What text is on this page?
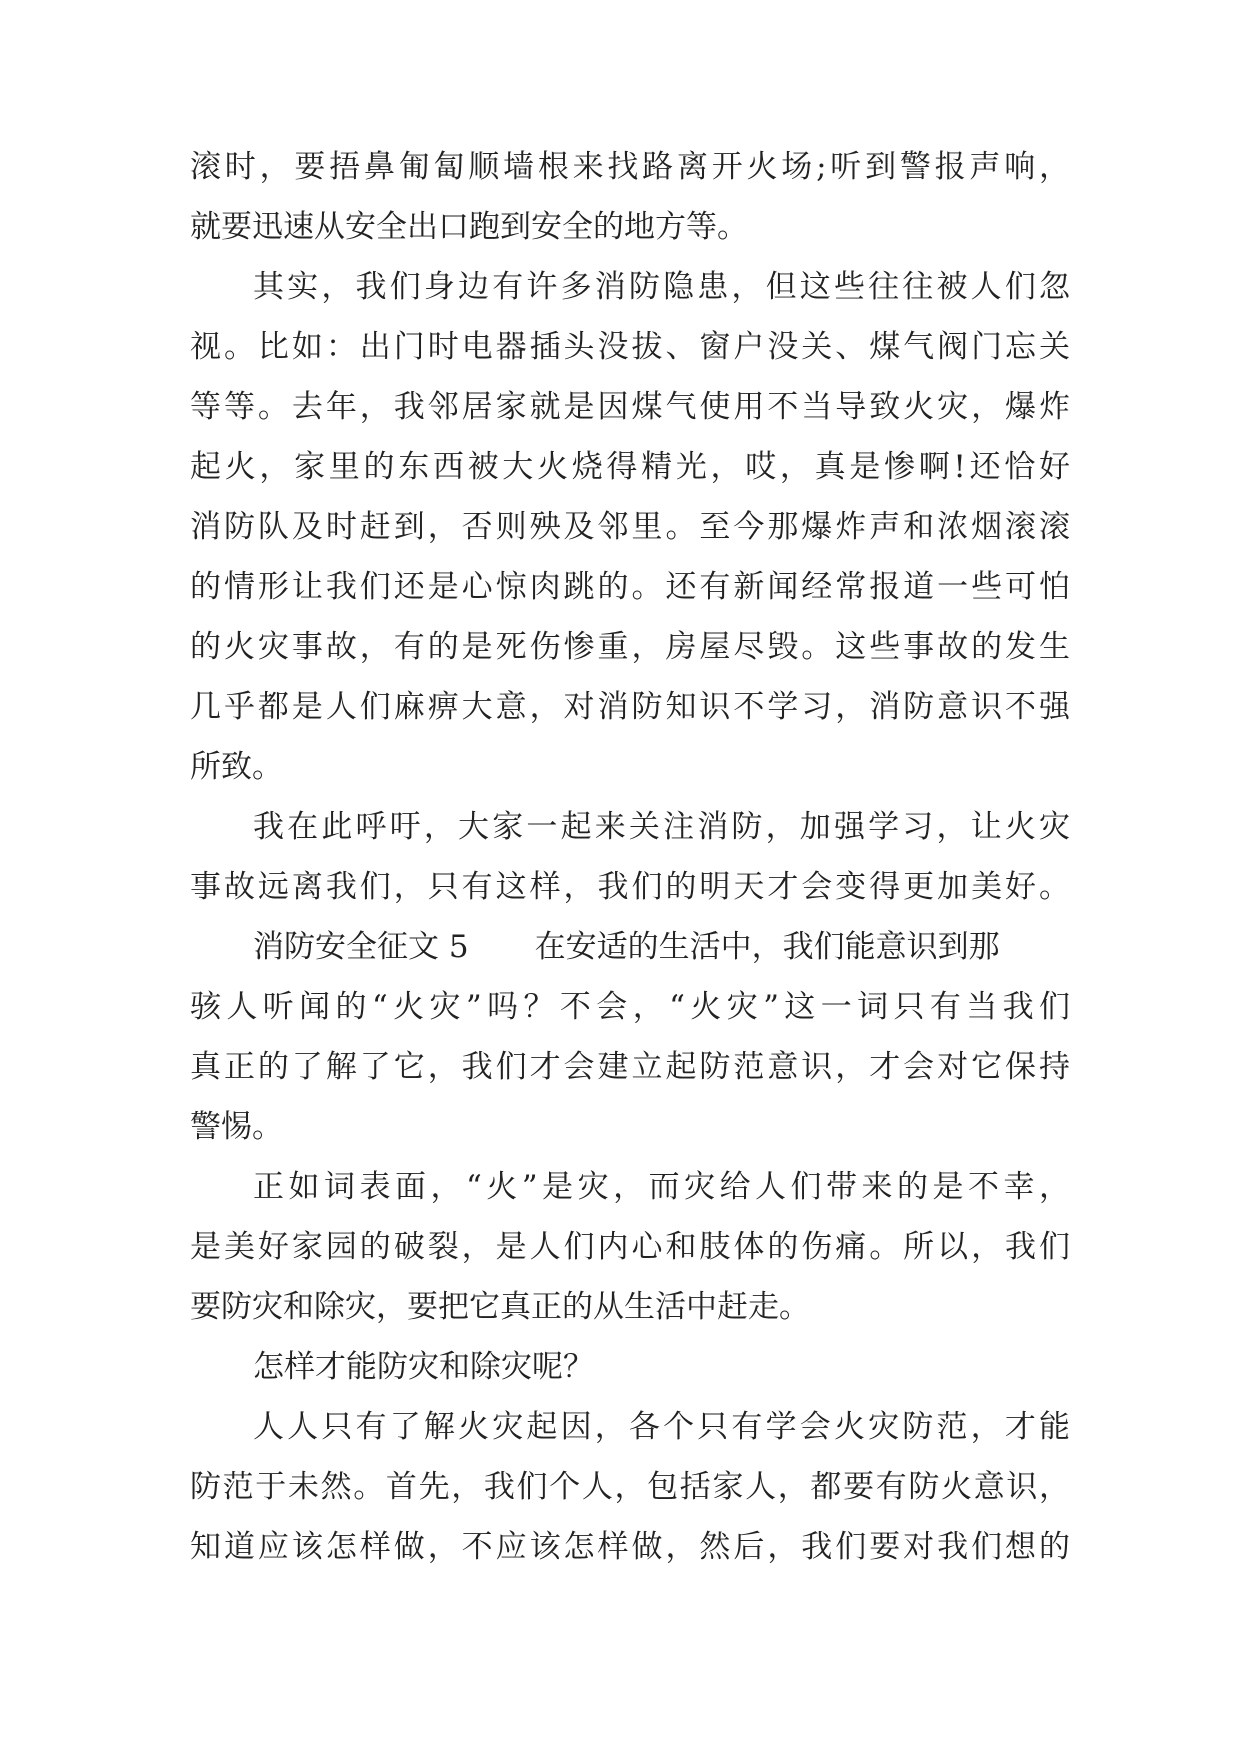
滚时，要捂鼻匍匐顺墙根来找路离开火场;听到警报声响，

就要迅速从安全出口跑到安全的地方等。

其实，我们身边有许多消防隐患，但这些往往被人们忽

视。比如：出门时电器插头没拔、窗户没关、煤气阀门忘关

等等。去年，我邻居家就是因煤气使用不当导致火灾，爆炸

起火，家里的东西被大火烧得精光，哎，真是惨啊!还恰好

消防队及时赶到，否则殃及邻里。至今那爆炸声和浓烟滚滚

的情形让我们还是心惊肉跳的。还有新闻经常报道一些可怕

的火灾事故，有的是死伤惨重，房屋尽毁。这些事故的发生

几乎都是人们麻痹大意，对消防知识不学习，消防意识不强

所致。

我在此呼吁，大家一起来关注消防，加强学习，让火灾

事故远离我们，只有这样，我们的明天才会变得更加美好。

消防安全征文 5 在安适的生活中，我们能意识到那

骇人听闻的“火灾”吗？不会，“火灾”这一词只有当我们

真正的了解了它，我们才会建立起防范意识，才会对它保持

警惕。

正如词表面，“火”是灾，而灾给人们带来的是不幸，

是美好家园的破裂，是人们内心和肢体的伤痛。所以，我们

要防灾和除灾，要把它真正的从生活中赶走。

怎样才能防灾和除灾呢？

人人只有了解火灾起因，各个只有学会火灾防范，才能

防范于未然。首先，我们个人，包括家人，都要有防火意识，

知道应该怎样做，不应该怎样做，然后，我们要对我们想的
